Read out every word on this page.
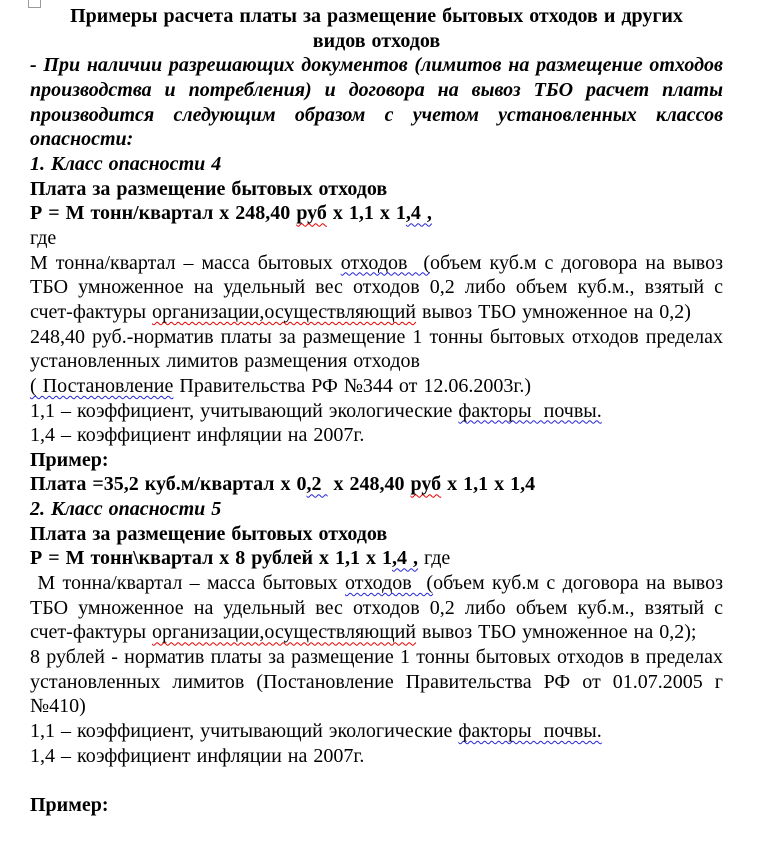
Примеры расчета платы за размещение бытовых отходов и других
видов отходов

- При наличии разрешающих документов (лимитов на размещение отходов производства и потребления) и договора на вывоз ТБО расчет платы производится следующим образом с учетом установленных классов опасности:

1. Класс опасности 4

Плата за размещение бытовых отходов

Р = М тонн/квартал х 248,40 руб х 1,1 х 1,4 ,

где

М тонна/квартал – масса бытовых отходов  (объем куб.м с договора на вывоз ТБО умноженное на удельный вес отходов 0,2 либо объем куб.м., взятый с счет-фактуры организации,осуществляющий вывоз ТБО умноженное на 0,2)

248,40 руб.-норматив платы за размещение 1 тонны бытовых отходов пределах установленных лимитов размещения отходов

( Постановление Правительства РФ №344 от 12.06.2003г.)

1,1 – коэффициент, учитывающий экологические факторы  почвы.

1,4 – коэффициент инфляции на 2007г.

Пример:

Плата =35,2 куб.м/квартал х 0,2  х 248,40 руб х 1,1 х 1,4

2. Класс опасности 5

Плата за размещение бытовых отходов

Р = М тонн\квартал х 8 рублей х 1,1 х 1,4 , где

М тонна/квартал – масса бытовых отходов  (объем куб.м с договора на вывоз ТБО умноженное на удельный вес отходов 0,2 либо объем куб.м., взятый с счет-фактуры организации,осуществляющий вывоз ТБО умноженное на 0,2);

8 рублей - норматив платы за размещение 1 тонны бытовых отходов в пределах установленных лимитов (Постановление Правительства РФ от 01.07.2005 г №410)

1,1 – коэффициент, учитывающий экологические факторы  почвы.

1,4 – коэффициент инфляции на 2007г.

Пример:
